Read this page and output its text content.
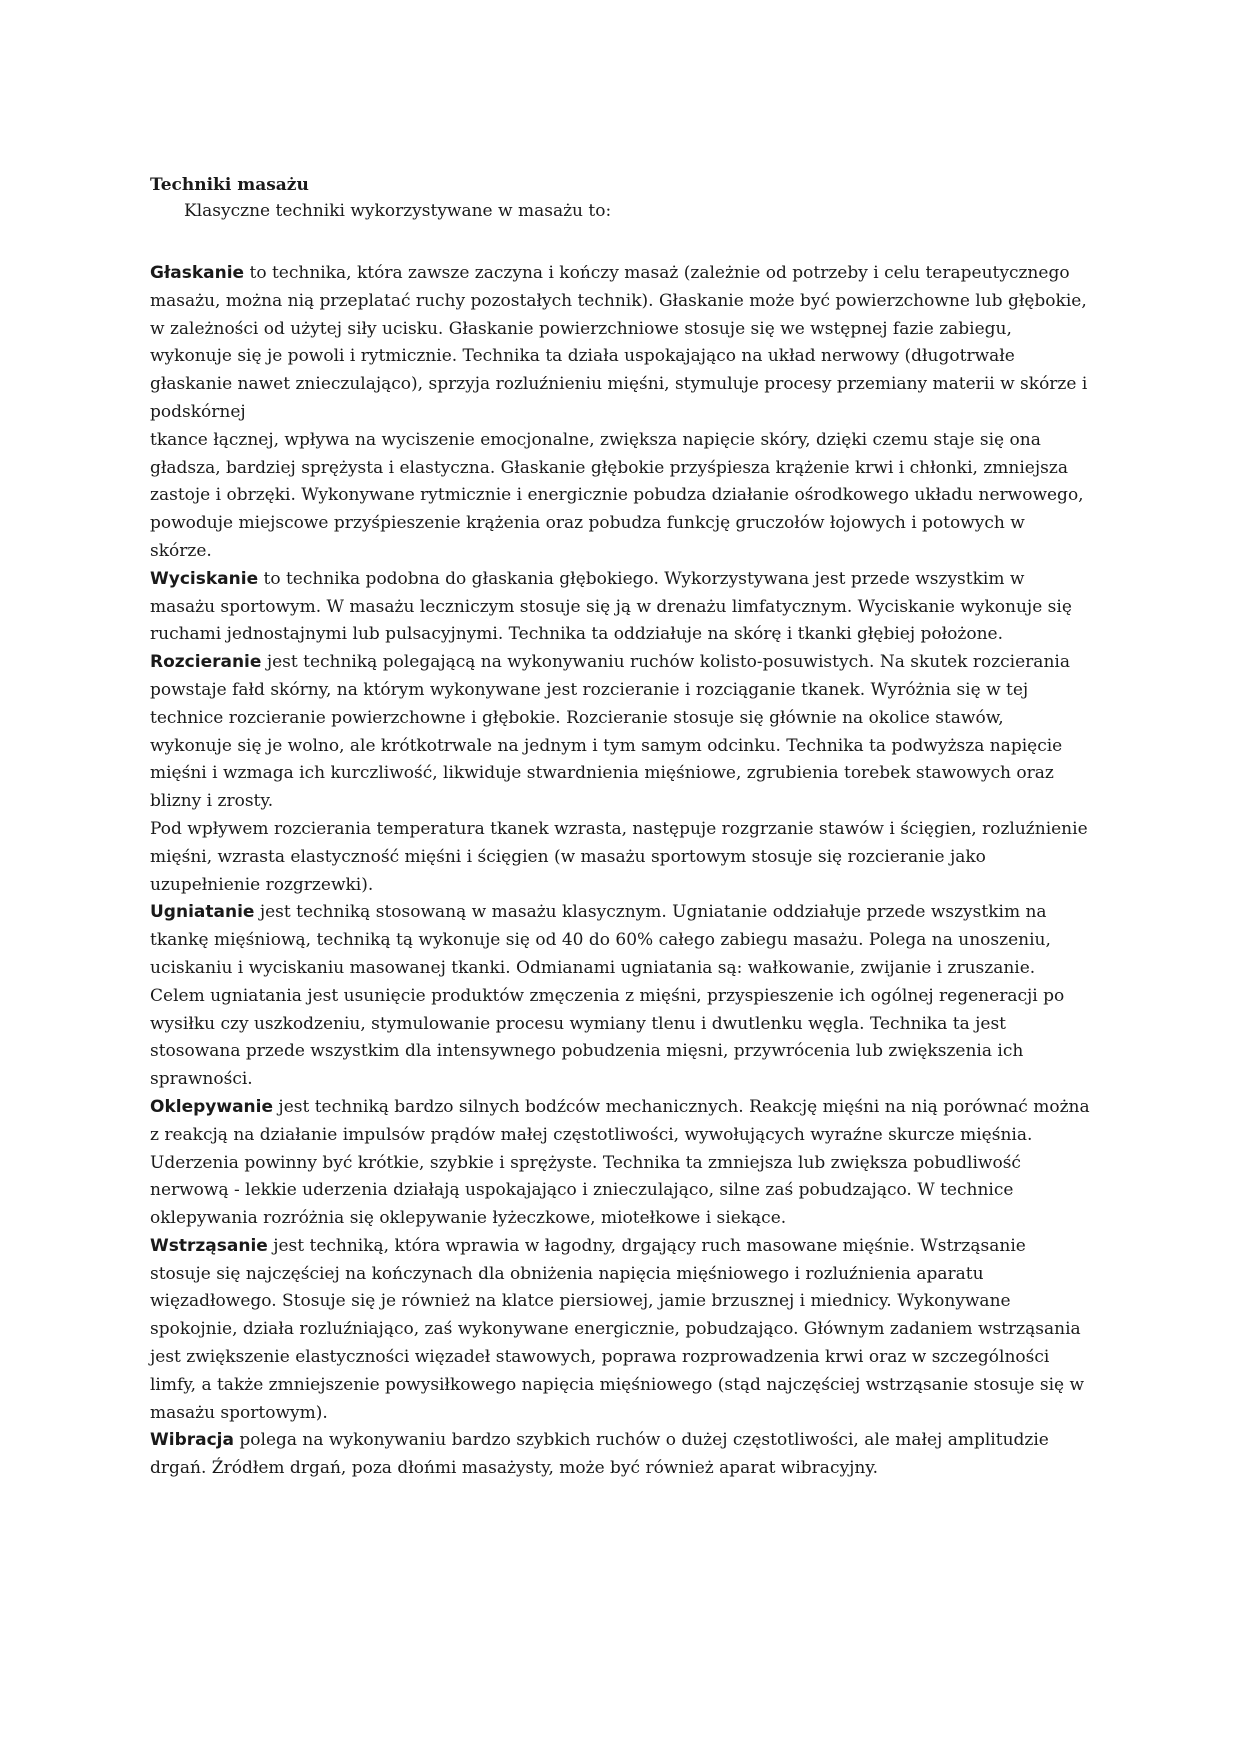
Techniki masażu

Klasyczne techniki wykorzystywane w masażu to:

Głaskanie to technika, która zawsze zaczyna i kończy masaż (zależnie od potrzeby i celu terapeutycznego masażu, można nią przeplatać ruchy pozostałych technik). Głaskanie może być powierzchowne lub głębokie, w zależności od użytej siły ucisku. Głaskanie powierzchniowe stosuje się we wstępnej fazie zabiegu, wykonuje się je powoli i rytmicznie. Technika ta działa uspokajająco na układ nerwowy (długotrwałe głaskanie nawet znieczulająco), sprzyja rozluźnieniu mięśni, stymuluje procesy przemiany materii w skórze i podskórnej

tkance łącznej, wpływa na wyciszenie emocjonalne, zwiększa napięcie skóry, dzięki czemu staje się ona gładsza, bardziej sprężysta i elastyczna. Głaskanie głębokie przyśpiesza krążenie krwi i chłonki, zmniejsza zastoje i obrzęki. Wykonywane rytmicznie i energicznie pobudza działanie ośrodkowego układu nerwowego, powoduje miejscowe przyśpieszenie krążenia oraz pobudza funkcję gruczołów łojowych i potowych w skórze.

Wyciskanie to technika podobna do głaskania głębokiego. Wykorzystywana jest przede wszystkim w masażu sportowym. W masażu leczniczym stosuje się ją w drenażu limfatycznym. Wyciskanie wykonuje się ruchami jednostajnymi lub pulsacyjnymi. Technika ta oddziałuje na skórę i tkanki głębiej położone.

Rozcieranie jest techniką polegającą na wykonywaniu ruchów kolisto-posuwistych. Na skutek rozcierania powstaje fałd skórny, na którym wykonywane jest rozcieranie i rozciąganie tkanek. Wyróżnia się w tej technice rozcieranie powierzchowne i głębokie. Rozcieranie stosuje się głównie na okolice stawów, wykonuje się je wolno, ale krótkotrwale na jednym i tym samym odcinku. Technika ta podwyższa napięcie mięśni i wzmaga ich kurczliwość, likwiduje stwardnienia mięśniowe, zgrubienia torebek stawowych oraz blizny i zrosty.

Pod wpływem rozcierania temperatura tkanek wzrasta, następuje rozgrzanie stawów i ścięgien, rozluźnienie mięśni, wzrasta elastyczność mięśni i ścięgien (w masażu sportowym stosuje się rozcieranie jako uzupełnienie rozgrzewki).

Ugniatanie jest techniką stosowaną w masażu klasycznym. Ugniatanie oddziałuje przede wszystkim na tkankę mięśniową, techniką tą wykonuje się od 40 do 60% całego zabiegu masażu. Polega na unoszeniu, uciskaniu i wyciskaniu masowanej tkanki. Odmianami ugniatania są: wałkowanie, zwijanie i zruszanie. Celem ugniatania jest usunięcie produktów zmęczenia z mięśni, przyspieszenie ich ogólnej regeneracji po wysiłku czy uszkodzeniu, stymulowanie procesu wymiany tlenu i dwutlenku węgla. Technika ta jest stosowana przede wszystkim dla intensywnego pobudzenia mięsni, przywrócenia lub zwiększenia ich sprawności.

Oklepywanie jest techniką bardzo silnych bodźców mechanicznych. Reakcję mięśni na nią porównać można z reakcją na działanie impulsów prądów małej częstotliwości, wywołujących wyraźne skurcze mięśnia. Uderzenia powinny być krótkie, szybkie i sprężyste. Technika ta zmniejsza lub zwiększa pobudliwość nerwową - lekkie uderzenia działają uspokajająco i znieczulająco, silne zaś pobudzająco. W technice oklepywania rozróżnia się oklepywanie łyżeczkowe, miotełkowe i siekące.

Wstrząsanie jest techniką, która wprawia w łagodny, drgający ruch masowane mięśnie. Wstrząsanie stosuje się najczęściej na kończynach dla obniżenia napięcia mięśniowego i rozluźnienia aparatu więzadłowego. Stosuje się je również na klatce piersiowej, jamie brzusznej i miednicy. Wykonywane spokojnie, działa rozluźniająco, zaś wykonywane energicznie, pobudzająco. Głównym zadaniem wstrząsania jest zwiększenie elastyczności więzadeł stawowych, poprawa rozprowadzenia krwi oraz w szczególności limfy, a także zmniejszenie powysiłkowego napięcia mięśniowego (stąd najczęściej wstrząsanie stosuje się w masażu sportowym).

Wibracja polega na wykonywaniu bardzo szybkich ruchów o dużej częstotliwości, ale małej amplitudzie drgań. Źródłem drgań, poza dłońmi masażysty, może być również aparat wibracyjny.
